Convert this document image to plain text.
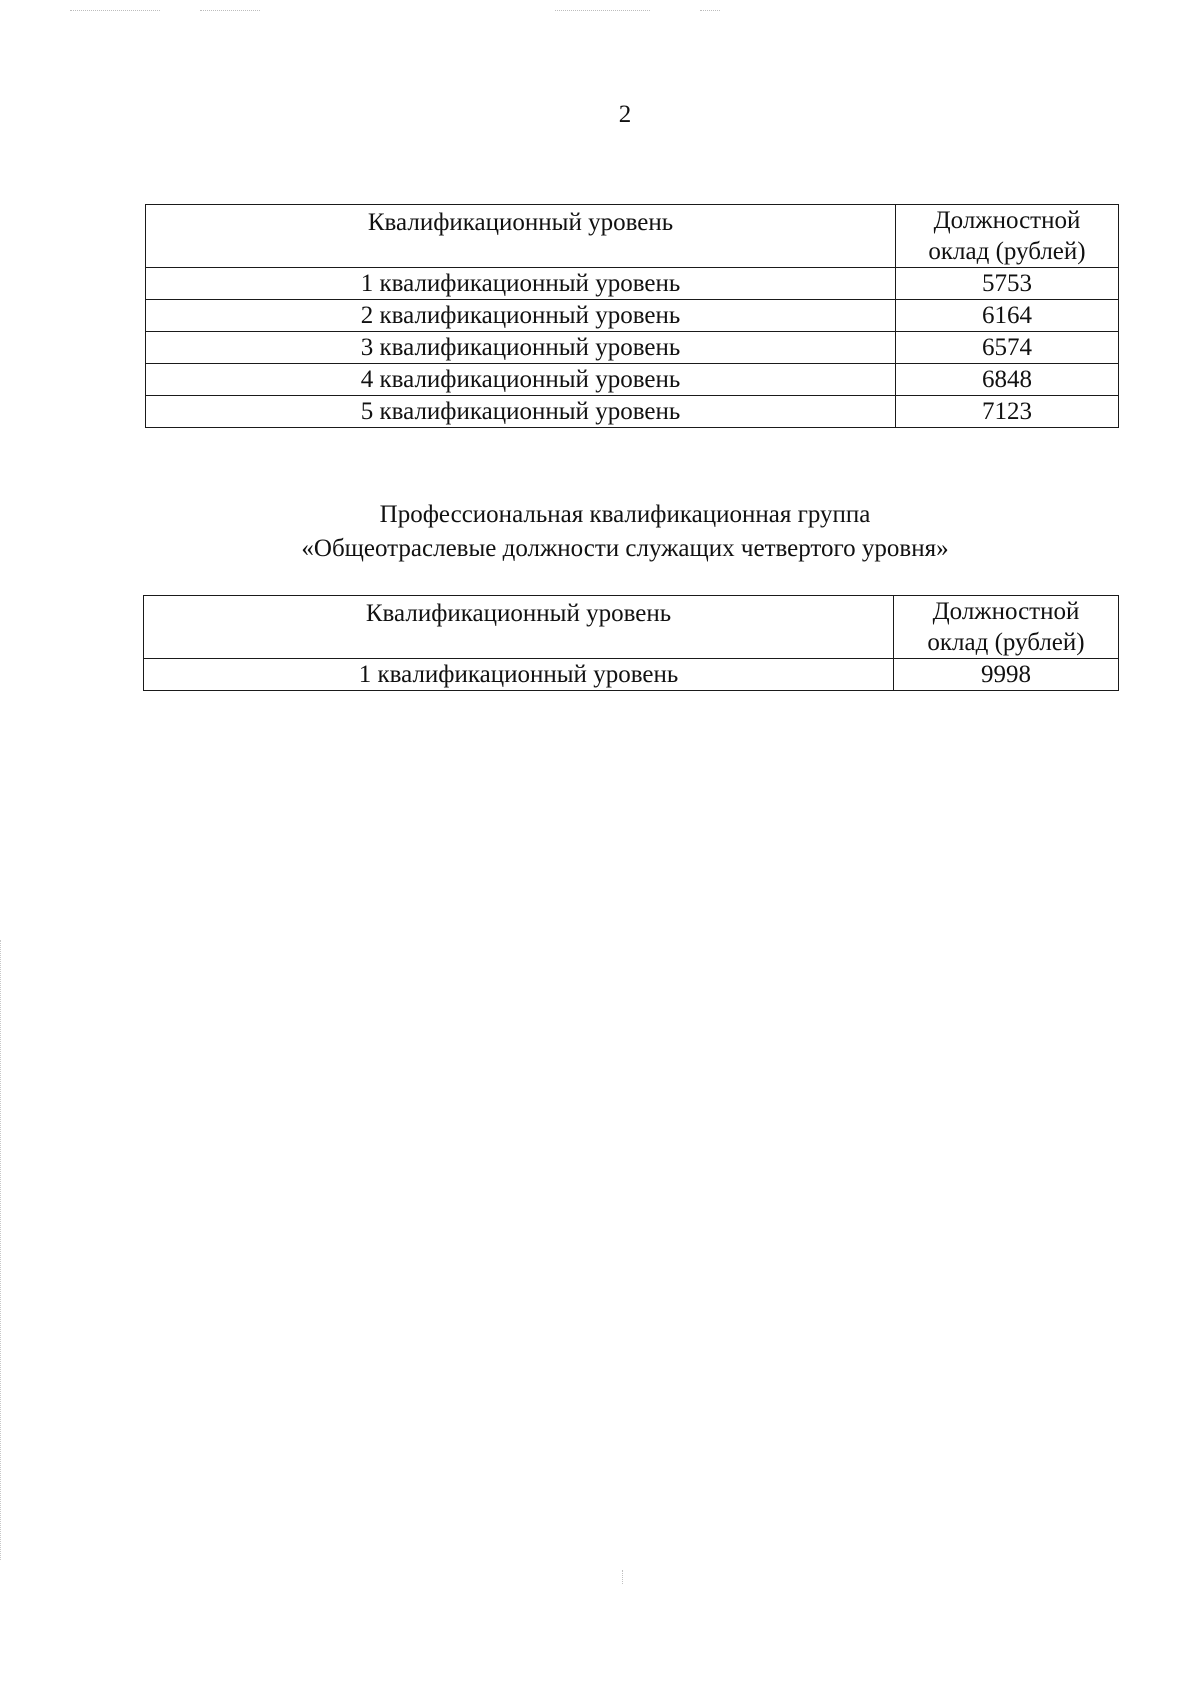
2
Квалификационный уровень	Должностной
оклад (рублей)

1 квалификационный уровень	5753
2 квалификационный уровень	6164
3 квалификационный уровень	6574
4 квалификационный уровень	6848
5 квалификационный уровень	7123
Профессиональная квалификационная группа
«Общеотраслевые должности служащих четвертого уровня»
Квалификационный уровень	Должностной
оклад (рублей)

1 квалификационный уровень	9998
